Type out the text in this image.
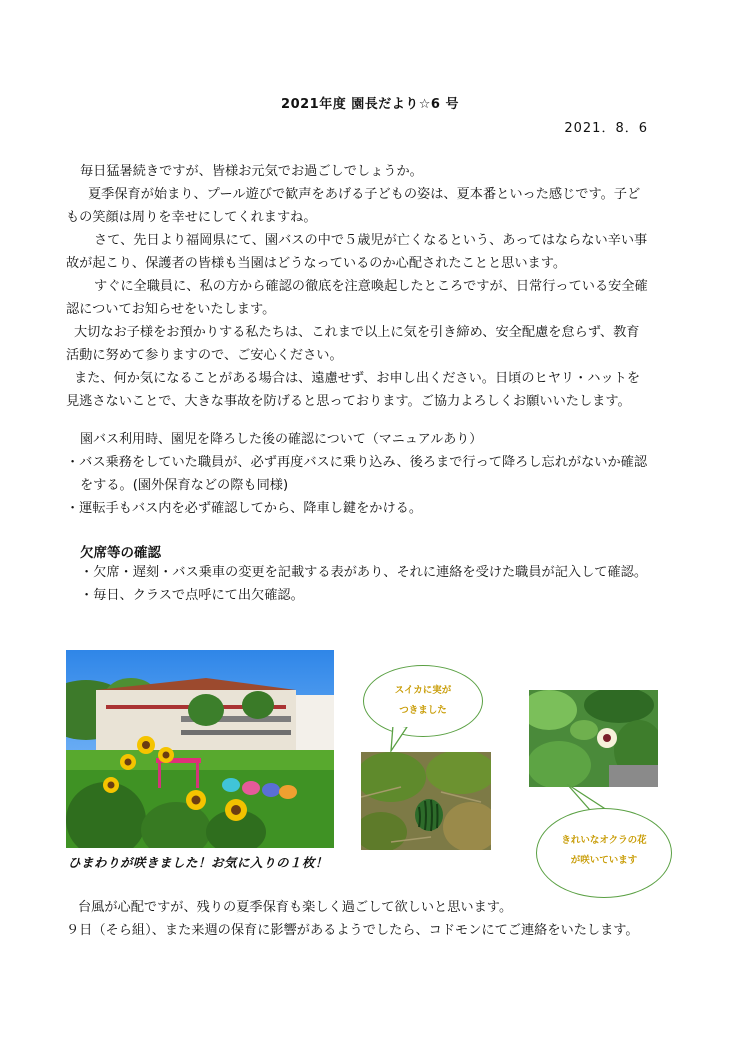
2021年度 園長だより☆6 号
2021．8．6
毎日猛暑続きですが、皆様お元気でお過ごしでしょうか。
夏季保育が始まり、プール遊びで歓声をあげる子どもの姿は、夏本番といった感じです。子ど
もの笑顔は周りを幸せにしてくれますね。
さて、先日より福岡県にて、園バスの中で５歳児が亡くなるという、あってはならない辛い事
故が起こり、保護者の皆様も当園はどうなっているのか心配されたことと思います。
すぐに全職員に、私の方から確認の徹底を注意喚起したところですが、日常行っている安全確
認についてお知らせをいたします。
大切なお子様をお預かりする私たちは、これまで以上に気を引き締め、安全配慮を怠らず、教育
活動に努めて参りますので、ご安心ください。
また、何か気になることがある場合は、遠慮せず、お申し出ください。日頃のヒヤリ・ハットを
見逃さないことで、大きな事故を防げると思っております。ご協力よろしくお願いいたします。
園バス利用時、園児を降ろした後の確認について（マニュアルあり）
・バス乗務をしていた職員が、必ず再度バスに乗り込み、後ろまで行って降ろし忘れがないか確認
をする。(園外保育などの際も同様)
・運転手もバス内を必ず確認してから、降車し鍵をかける。
欠席等の確認
・欠席・遅刻・バス乗車の変更を記載する表があり、それに連絡を受けた職員が記入して確認。
・毎日、クラスで点呼にて出欠確認。
ひまわりが咲きました！お気に入りの１枚！
スイカに実が
つきました
きれいなオクラの花
が咲いています
台風が心配ですが、残りの夏季保育も楽しく過ごして欲しいと思います。
９日（そら組）、また来週の保育に影響があるようでしたら、コドモンにてご連絡をいたします。
